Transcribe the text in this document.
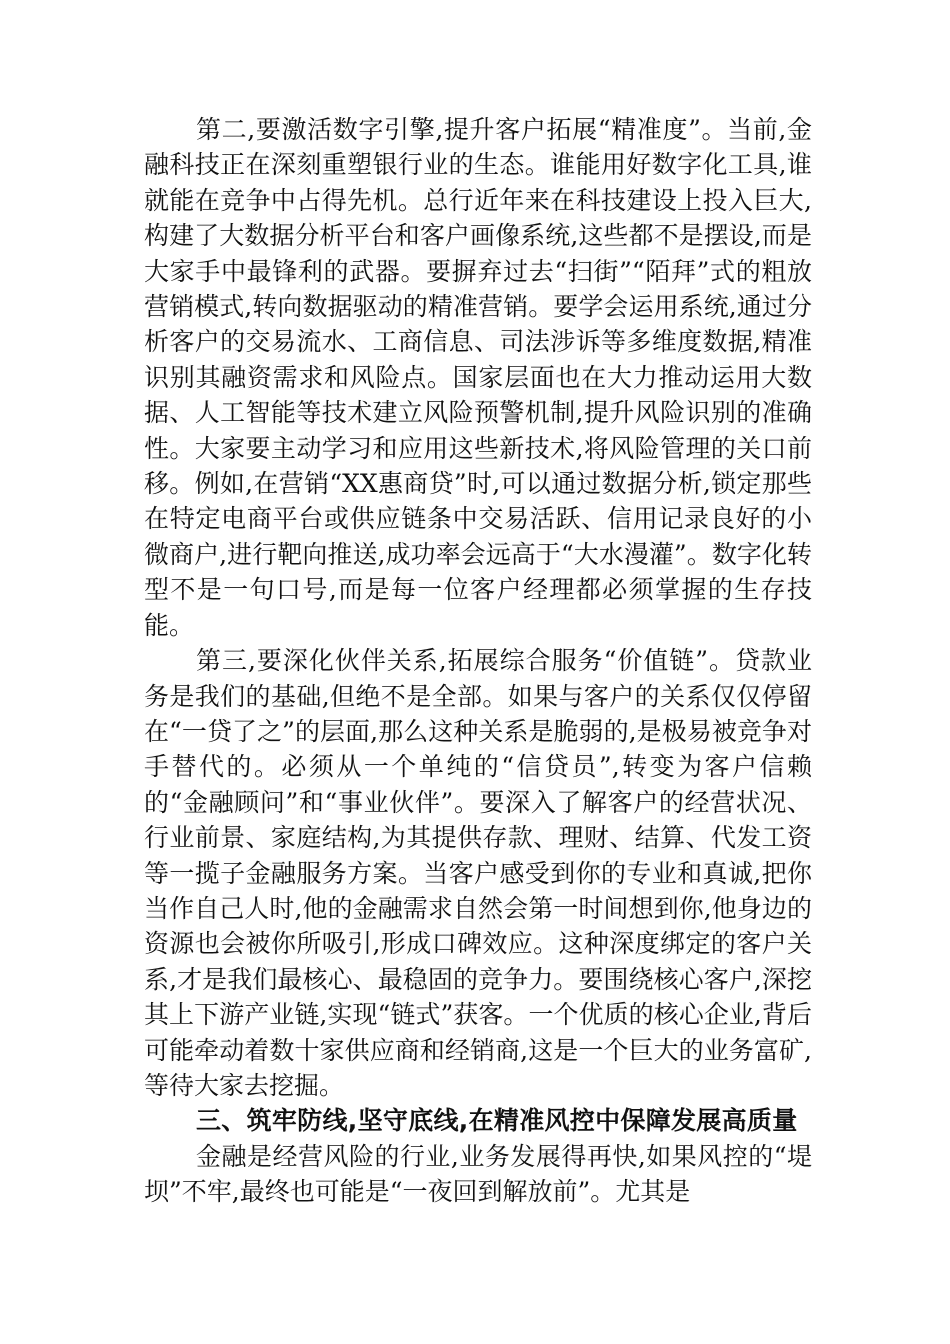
第二,要激活数字引擎,提升客户拓展“精准度”。当前,金融科技正在深刻重塑银行业的生态。谁能用好数字化工具,谁就能在竞争中占得先机。总行近年来在科技建设上投入巨大,构建了大数据分析平台和客户画像系统,这些都不是摆设,而是大家手中最锋利的武器。要摒弃过去“扫街”“陌拜”式的粗放营销模式,转向数据驱动的精准营销。要学会运用系统,通过分析客户的交易流水、工商信息、司法涉诉等多维度数据,精准识别其融资需求和风险点。国家层面也在大力推动运用大数据、人工智能等技术建立风险预警机制,提升风险识别的准确性。大家要主动学习和应用这些新技术,将风险管理的关口前移。例如,在营销“XX惠商贷”时,可以通过数据分析,锁定那些在特定电商平台或供应链条中交易活跃、信用记录良好的小微商户,进行靶向推送,成功率会远高于“大水漫灌”。数字化转型不是一句口号,而是每一位客户经理都必须掌握的生存技能。

第三,要深化伙伴关系,拓展综合服务“价值链”。贷款业务是我们的基础,但绝不是全部。如果与客户的关系仅仅停留在“一贷了之”的层面,那么这种关系是脆弱的,是极易被竞争对手替代的。必须从一个单纯的“信贷员”,转变为客户信赖的“金融顾问”和“事业伙伴”。要深入了解客户的经营状况、行业前景、家庭结构,为其提供存款、理财、结算、代发工资等一揽子金融服务方案。当客户感受到你的专业和真诚,把你当作自己人时,他的金融需求自然会第一时间想到你,他身边的资源也会被你所吸引,形成口碑效应。这种深度绑定的客户关系,才是我们最核心、最稳固的竞争力。要围绕核心客户,深挖其上下游产业链,实现“链式”获客。一个优质的核心企业,背后可能牵动着数十家供应商和经销商,这是一个巨大的业务富矿,等待大家去挖掘。

三、筑牢防线,坚守底线,在精准风控中保障发展高质量

金融是经营风险的行业,业务发展得再快,如果风控的“堤坝”不牢,最终也可能是“一夜回到解放前”。尤其是
